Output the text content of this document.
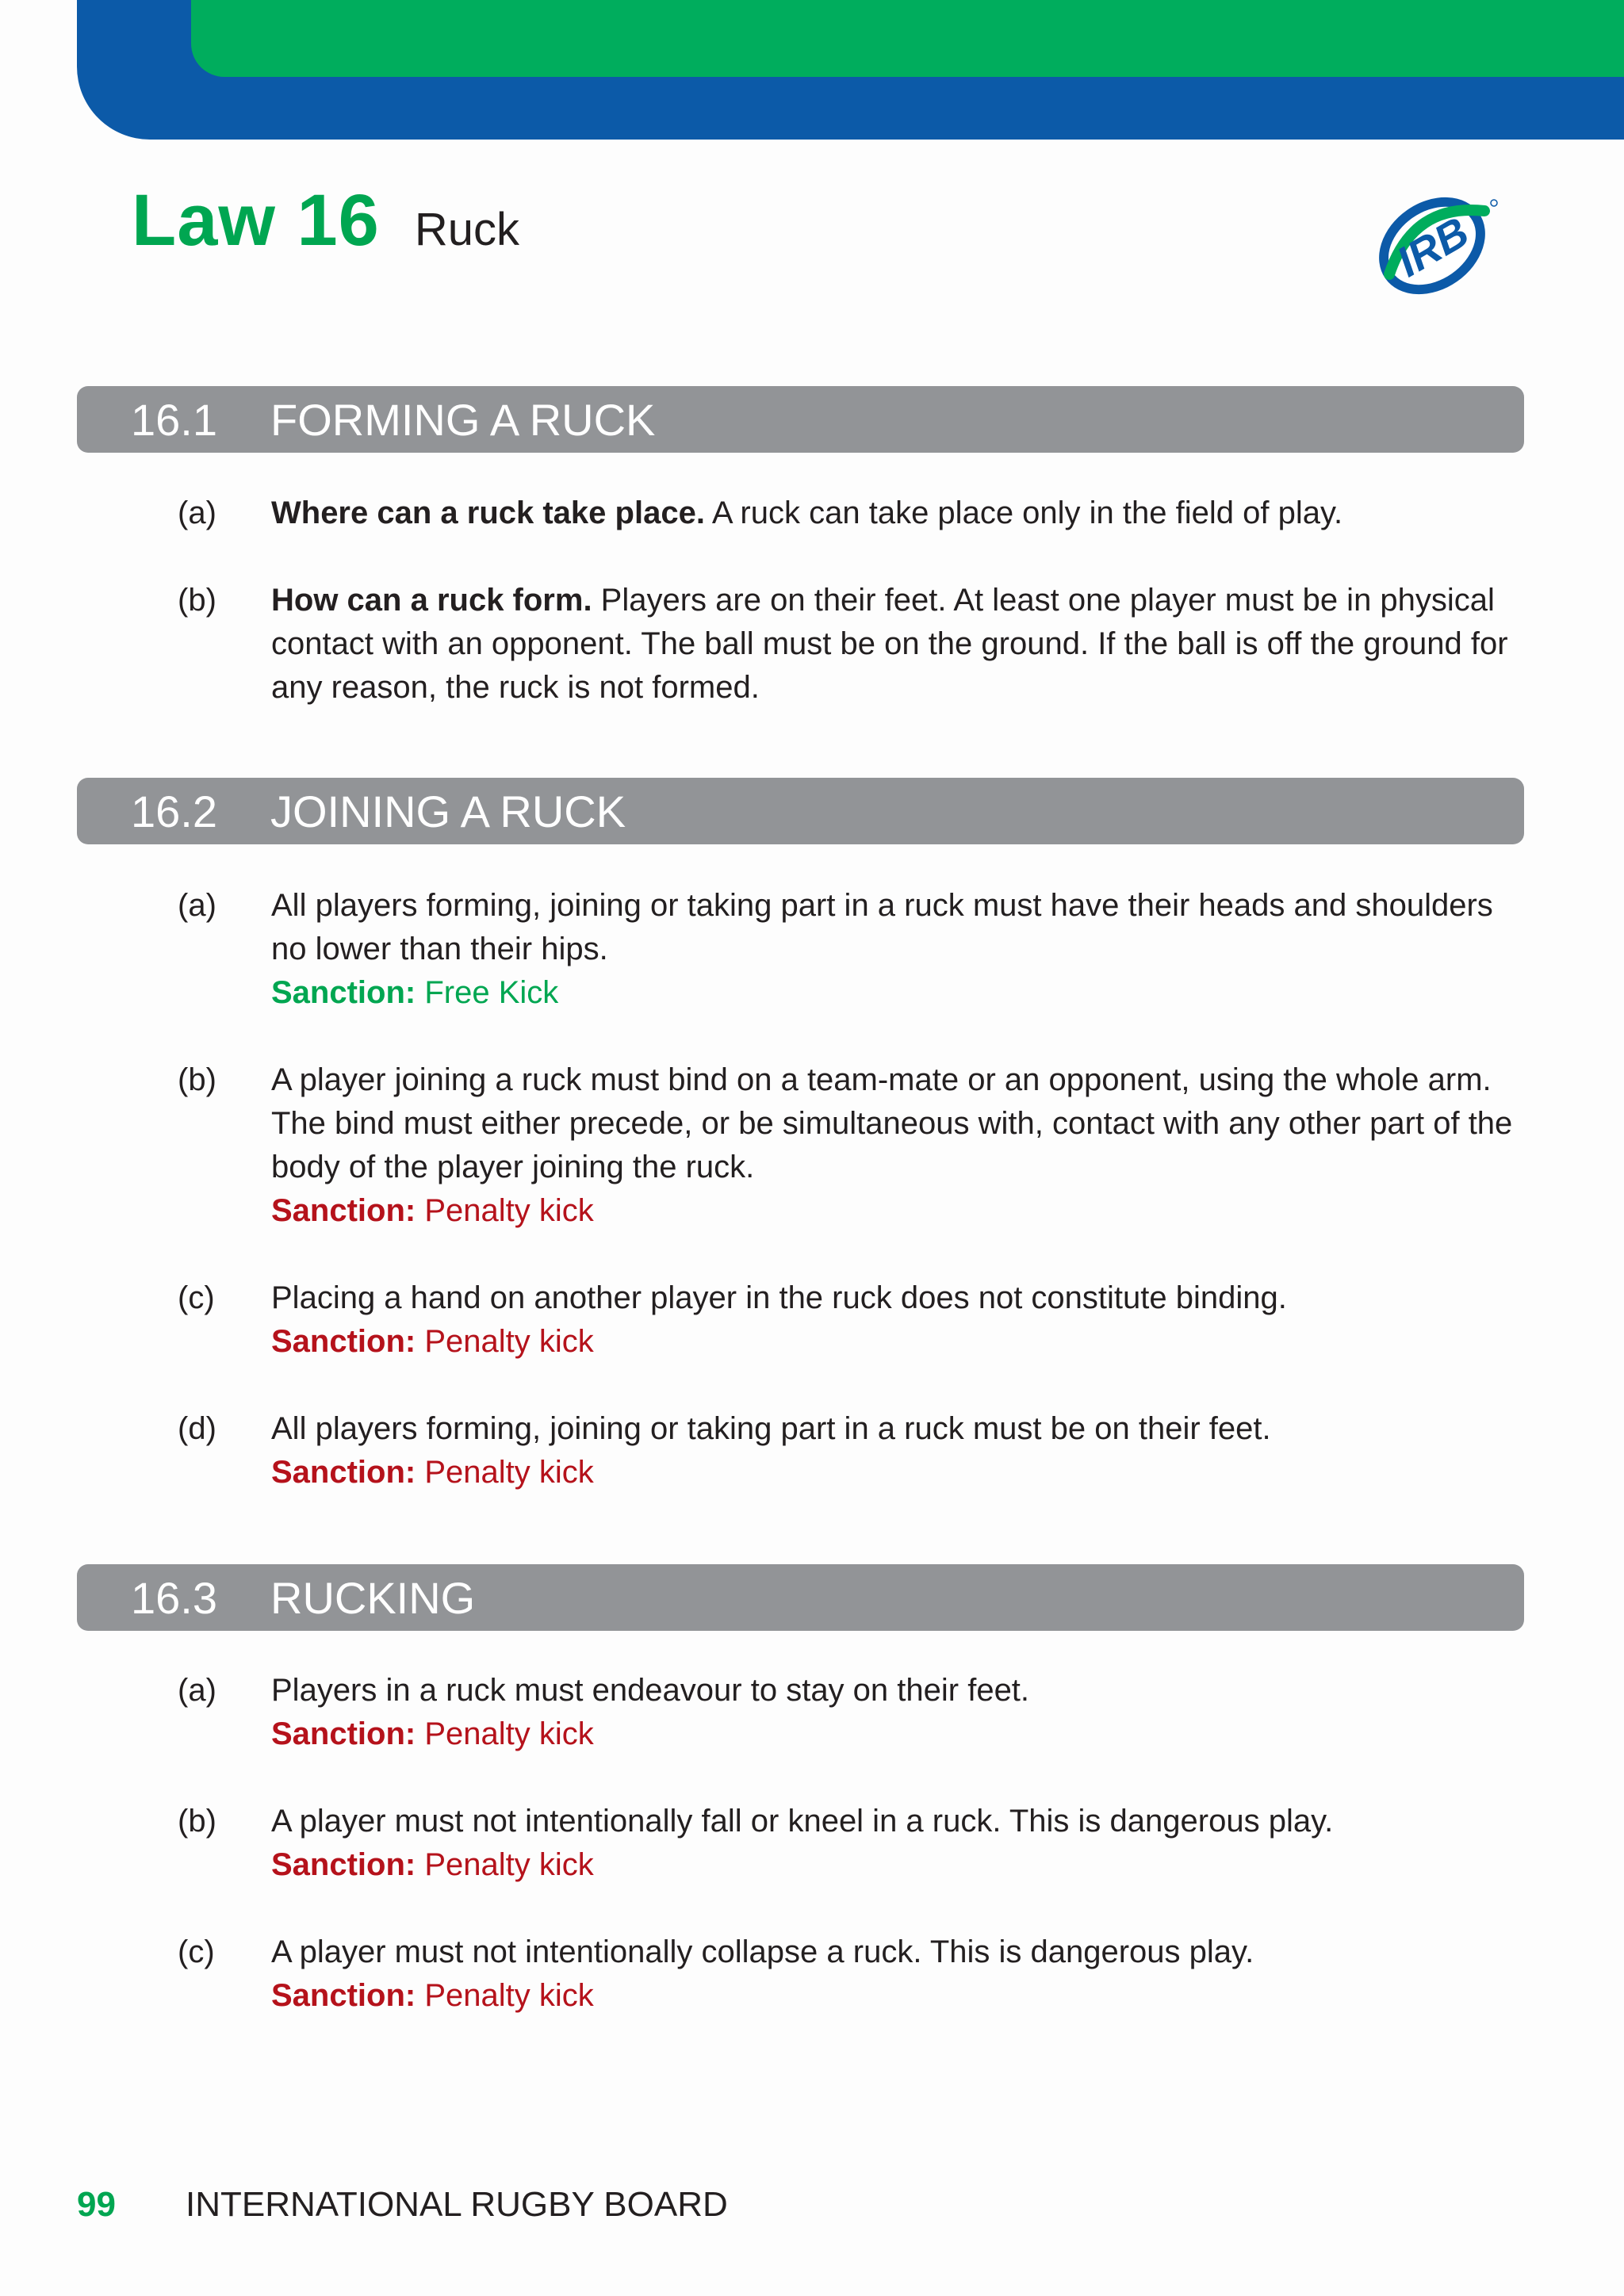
Law 16 Ruck	IRB
16.1 FORMING A RUCK
(a) Where can a ruck take place. A ruck can take place only in the field of play.
(b) How can a ruck form. Players are on their feet. At least one player must be in physical contact with an opponent. The ball must be on the ground. If the ball is off the ground for any reason, the ruck is not formed.
16.2 JOINING A RUCK
(a) All players forming, joining or taking part in a ruck must have their heads and shoulders no lower than their hips.
Sanction: Free Kick
(b) A player joining a ruck must bind on a team-mate or an opponent, using the whole arm. The bind must either precede, or be simultaneous with, contact with any other part of the body of the player joining the ruck.
Sanction: Penalty kick
(c) Placing a hand on another player in the ruck does not constitute binding.
Sanction: Penalty kick
(d) All players forming, joining or taking part in a ruck must be on their feet.
Sanction: Penalty kick
16.3 RUCKING
(a) Players in a ruck must endeavour to stay on their feet.
Sanction: Penalty kick
(b) A player must not intentionally fall or kneel in a ruck. This is dangerous play.
Sanction: Penalty kick
(c) A player must not intentionally collapse a ruck. This is dangerous play.
Sanction: Penalty kick
99 INTERNATIONAL RUGBY BOARD
